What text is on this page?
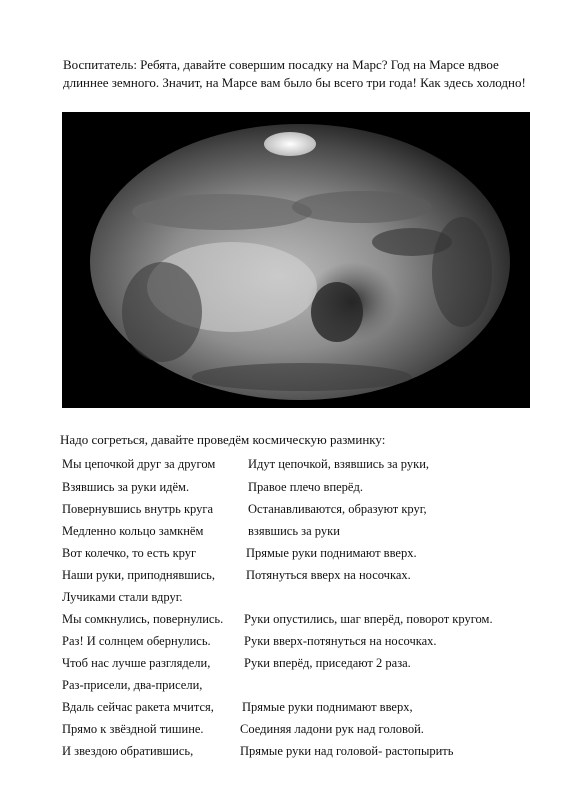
Воспитатель: Ребята, давайте совершим посадку на Марс? Год на Марсе вдвое длиннее земного. Значит, на Марсе вам было бы всего три года! Как здесь холодно!

Надо согреться, давайте проведём космическую разминку:

Мы цепочкой друг за другом
Взявшись за руки идём.
Повернувшись внутрь круга
Медленно кольцо замкнём
Вот колечко, то есть круг
Наши руки, приподнявшись,
Лучиками стали вдруг.
Мы сомкнулись, повернулись.
Раз! И солнцем обернулись.
Чтоб нас лучше разглядели,
Раз-присели, два-присели,
Вдаль сейчас ракета мчится,
Прямо к звёздной тишине.
И звездою обратившись,
Идут цепочкой, взявшись за руки,
Правое плечо вперёд.
Останавливаются, образуют круг,
взявшись за руки
Прямые руки поднимают вверх.
Потянуться вверх на носочках.
Руки опустились, шаг вперёд, поворот кругом.
Руки вверх-потянуться на носочках.
Руки вперёд, приседают 2 раза.
Прямые руки поднимают вверх,
Соединяя ладони рук над головой.
Прямые руки над головой- растопырить
